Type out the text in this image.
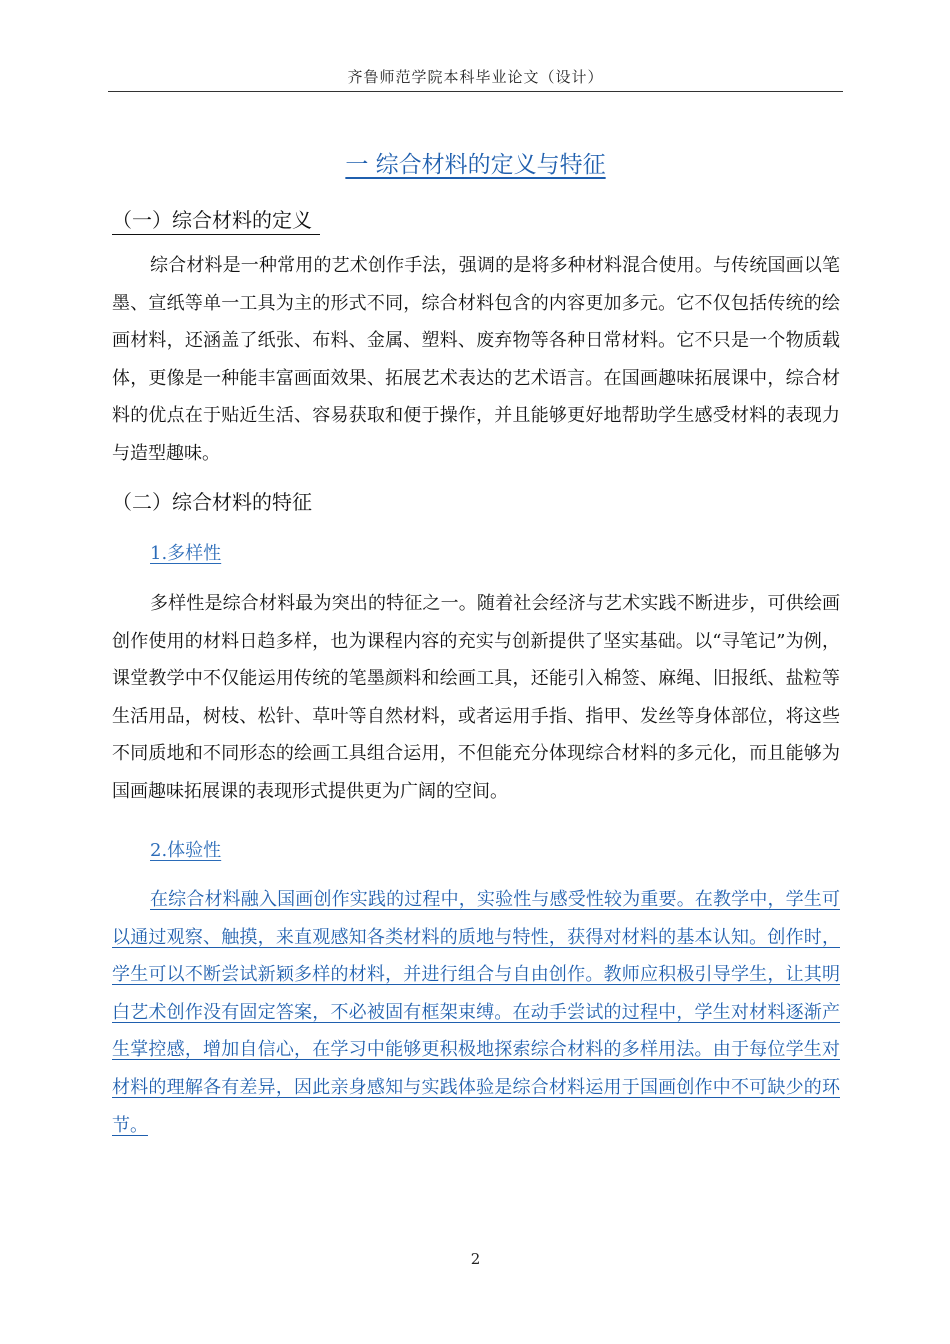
齐鲁师范学院本科毕业论文（设计）
一 综合材料的定义与特征
（一）综合材料的定义

综合材料是一种常用的艺术创作手法，强调的是将多种材料混合使用。与传统国画以笔墨、宣纸等单一工具为主的形式不同，综合材料包含的内容更加多元。它不仅包括传统的绘画材料，还涵盖了纸张、布料、金属、塑料、废弃物等各种日常材料。它不只是一个物质载体，更像是一种能丰富画面效果、拓展艺术表达的艺术语言。在国画趣味拓展课中，综合材料的优点在于贴近生活、容易获取和便于操作，并且能够更好地帮助学生感受材料的表现力与造型趣味。

（二）综合材料的特征
1.多样性

多样性是综合材料最为突出的特征之一。随着社会经济与艺术实践不断进步，可供绘画创作使用的材料日趋多样，也为课程内容的充实与创新提供了坚实基础。以“寻笔记”为例，课堂教学中不仅能运用传统的笔墨颜料和绘画工具，还能引入棉签、麻绳、旧报纸、盐粒等生活用品，树枝、松针、草叶等自然材料，或者运用手指、指甲、发丝等身体部位，将这些不同质地和不同形态的绘画工具组合运用，不但能充分体现综合材料的多元化，而且能够为国画趣味拓展课的表现形式提供更为广阔的空间。

2.体验性

在综合材料融入国画创作实践的过程中，实验性与感受性较为重要。在教学中，学生可以通过观察、触摸，来直观感知各类材料的质地与特性，获得对材料的基本认知。创作时，学生可以不断尝试新颖多样的材料，并进行组合与自由创作。教师应积极引导学生，让其明白艺术创作没有固定答案，不必被固有框架束缚。在动手尝试的过程中，学生对材料逐渐产生掌控感，增加自信心，在学习中能够更积极地探索综合材料的多样用法。由于每位学生对材料的理解各有差异，因此亲身感知与实践体验是综合材料运用于国画创作中不可缺少的环节。

2
